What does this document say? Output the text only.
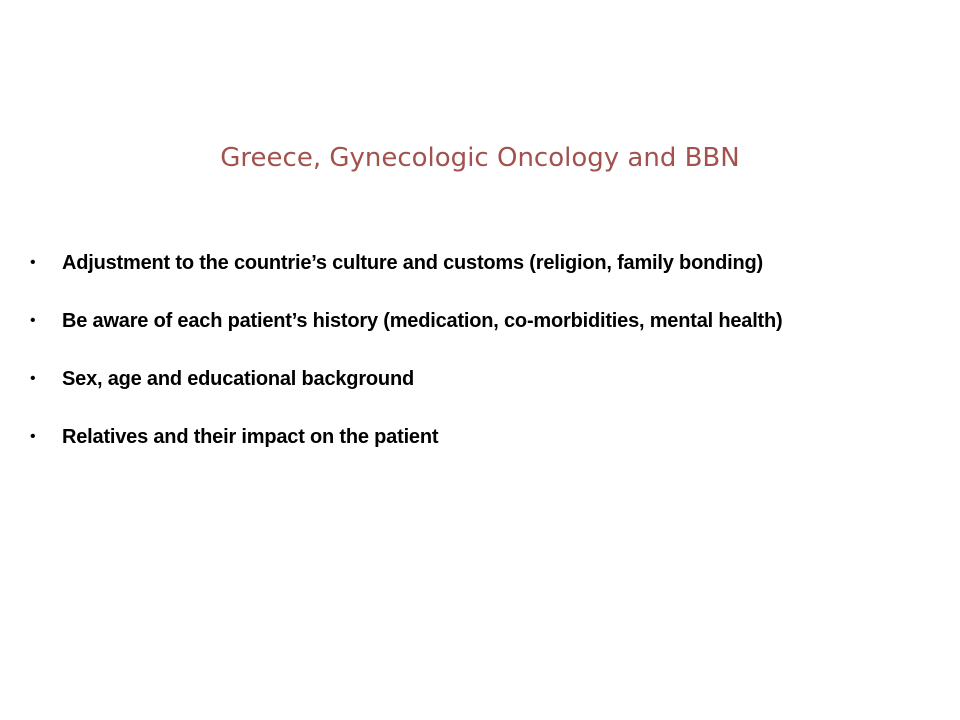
Greece, Gynecologic Oncology and BBN
•	Adjustment to the countrie’s culture and customs (religion, family bonding)
•	Be aware of each patient’s history (medication, co-morbidities, mental health)
•	Sex, age and educational background
•	Relatives and their impact on the patient
